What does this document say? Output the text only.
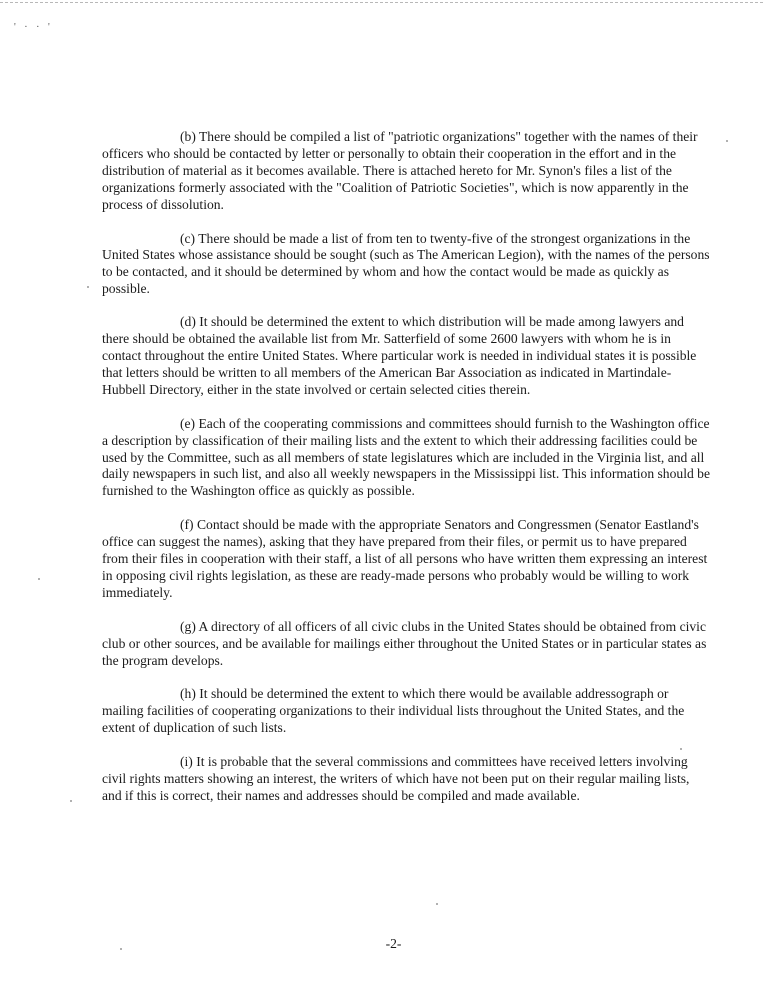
' · · '

(b) There should be compiled a list of "patriotic organizations" together with the names of their officers who should be contacted by letter or personally to obtain their cooperation in the effort and in the distribution of material as it becomes available. There is attached hereto for Mr. Synon's files a list of the organizations formerly associated with the "Coalition of Patriotic Societies", which is now apparently in the process of dissolution.

(c) There should be made a list of from ten to twenty-five of the strongest organizations in the United States whose assistance should be sought (such as The American Legion), with the names of the persons to be contacted, and it should be determined by whom and how the contact would be made as quickly as possible.

(d) It should be determined the extent to which distribution will be made among lawyers and there should be obtained the available list from Mr. Satterfield of some 2600 lawyers with whom he is in contact throughout the entire United States. Where particular work is needed in individual states it is possible that letters should be written to all members of the American Bar Association as indicated in Martindale-Hubbell Directory, either in the state involved or certain selected cities therein.

(e) Each of the cooperating commissions and committees should furnish to the Washington office a description by classification of their mailing lists and the extent to which their addressing facilities could be used by the Committee, such as all members of state legislatures which are included in the Virginia list, and all daily newspapers in such list, and also all weekly newspapers in the Mississippi list. This information should be furnished to the Washington office as quickly as possible.

(f) Contact should be made with the appropriate Senators and Congressmen (Senator Eastland's office can suggest the names), asking that they have prepared from their files, or permit us to have prepared from their files in cooperation with their staff, a list of all persons who have written them expressing an interest in opposing civil rights legislation, as these are ready-made persons who probably would be willing to work immediately.

(g) A directory of all officers of all civic clubs in the United States should be obtained from civic club or other sources, and be available for mailings either throughout the United States or in particular states as the program develops.

(h) It should be determined the extent to which there would be available addressograph or mailing facilities of cooperating organizations to their individual lists throughout the United States, and the extent of duplication of such lists.

(i) It is probable that the several commissions and committees have received letters involving civil rights matters showing an interest, the writers of which have not been put on their regular mailing lists, and if this is correct, their names and addresses should be compiled and made available.

-2-
